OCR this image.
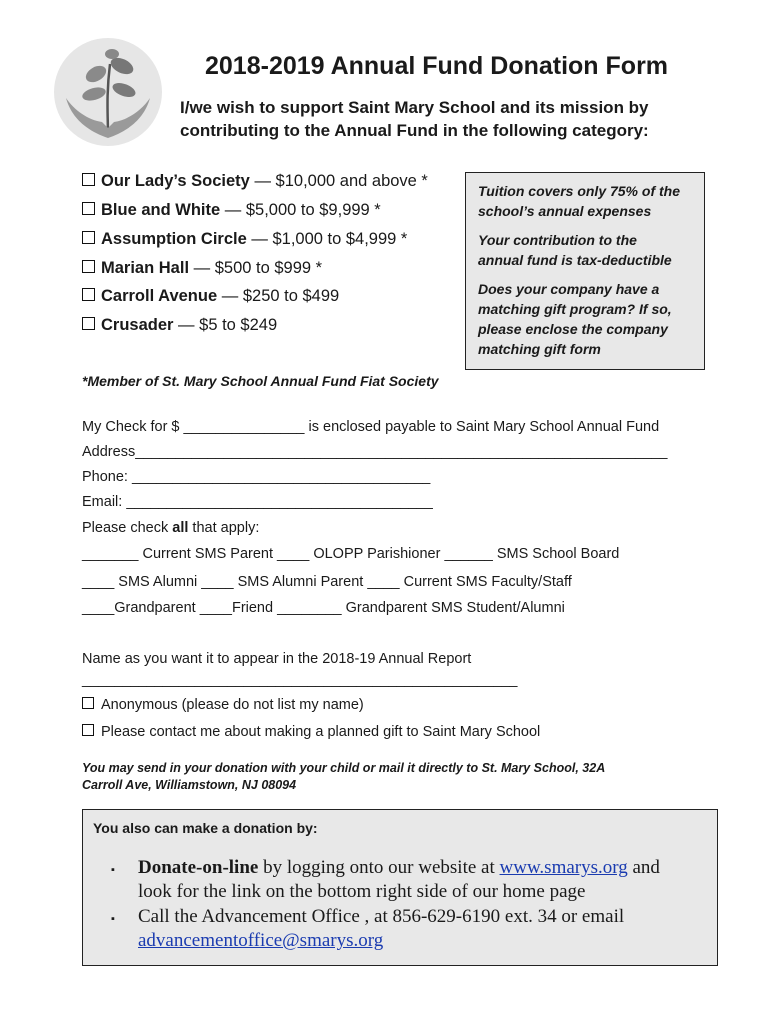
2018-2019 Annual Fund Donation Form
I/we wish to support Saint Mary School and its mission by
contributing to the Annual Fund in the following category:
Our Lady’s Society — $10,000 and above *
Blue and White — $5,000 to $9,999 *
Assumption Circle — $1,000 to $4,999 *
Marian Hall — $500 to $999 *
Carroll Avenue — $250 to $499
Crusader — $5 to $249

Tuition covers only 75% of the
school’s annual expenses

Your contribution to the
annual fund is tax-deductible

Does your company have a
matching gift program? If so,
please enclose the company
matching gift form

*Member of St. Mary School Annual Fund Fiat Society
My Check for $ _______________ is enclosed payable to Saint Mary School Annual Fund
Address__________________________________________________________________
Phone: _____________________________________
Email: ______________________________________
Please check all that apply:
_______ Current SMS Parent ____ OLOPP Parishioner ______ SMS School Board
____ SMS Alumni ____ SMS Alumni Parent ____ Current SMS Faculty/Staff
____Grandparent ____Friend ________ Grandparent SMS Student/Alumni
Name as you want it to appear in the 2018-19 Annual Report
______________________________________________________
Anonymous (please do not list my name)
Please contact me about making a planned gift to Saint Mary School
You may send in your donation with your child or mail it directly to St. Mary School, 32A
Carroll Ave, Williamstown, NJ 08094
You also can make a donation by:
▪ Donate-on-line by logging onto our website at www.smarys.org and
look for the link on the bottom right side of our home page
▪ Call the Advancement Office , at 856-629-6190 ext. 34 or email
advancementoffice@smarys.org
